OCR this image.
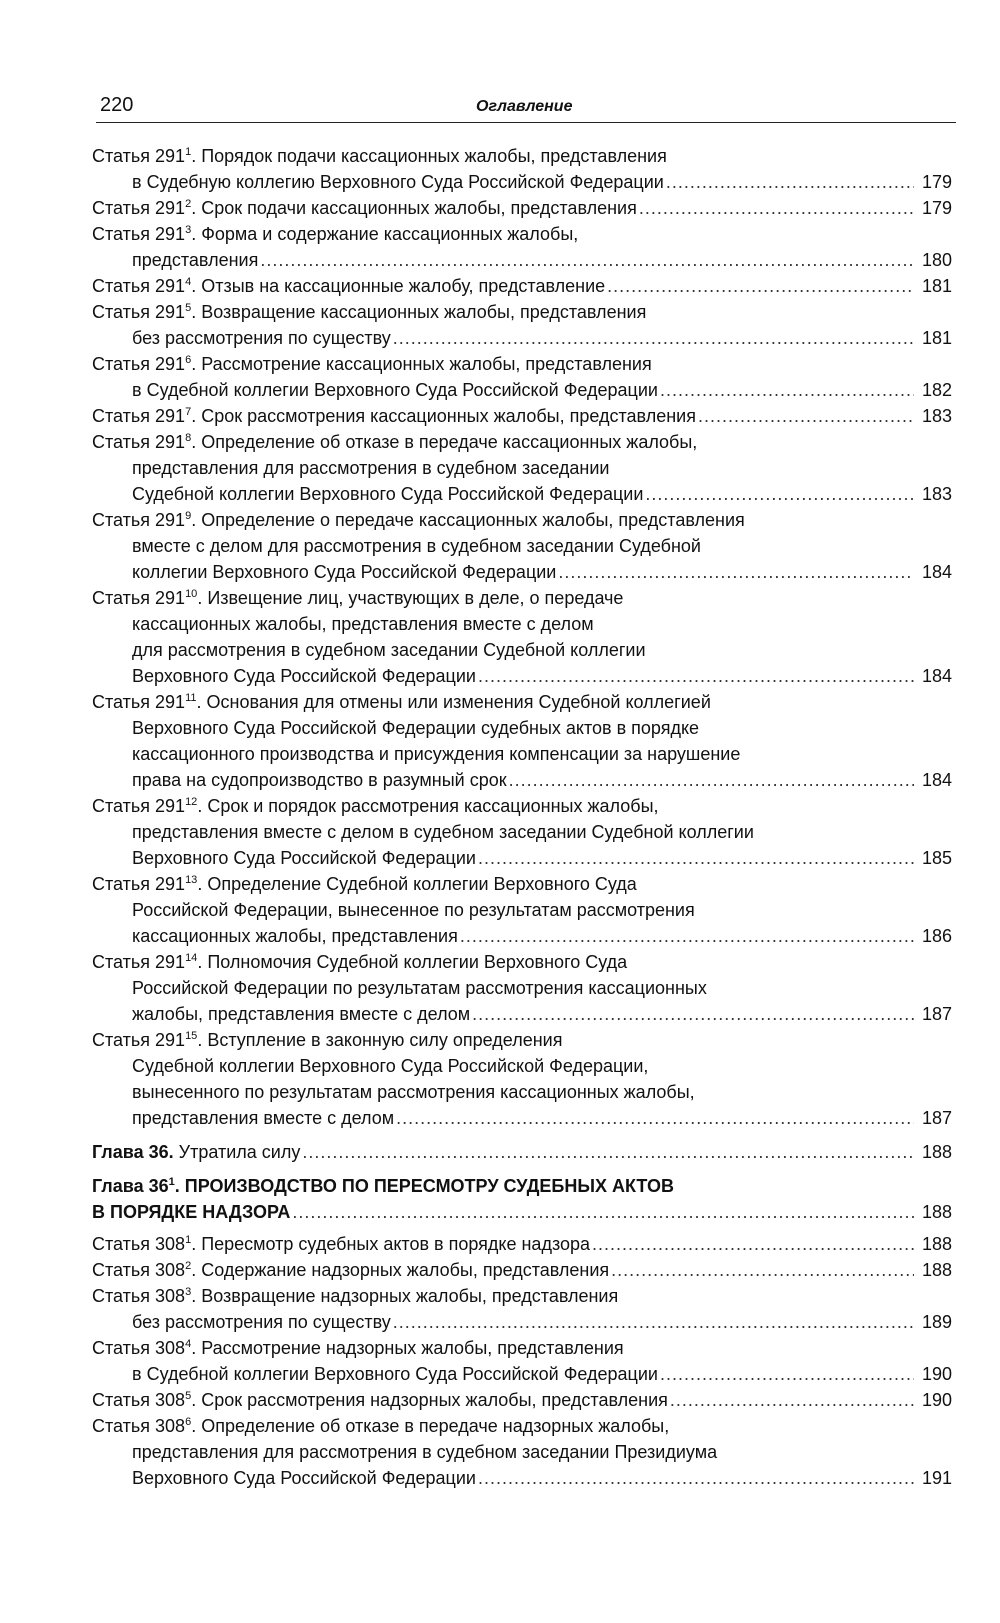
220	Оглавление
Статья $291^1$. Порядок подачи кассационных жалобы, представления
в Судебную коллегию Верховного Суда Российской Федерации .....	179
Статья $291^2$. Срок подачи кассационных жалобы, представления .....	179
Статья $291^3$. Форма и содержание кассационных жалобы,
представления .....	180
Статья $291^4$. Отзыв на кассационные жалобу, представление .....	181
Статья $291^5$. Возвращение кассационных жалобы, представления
без рассмотрения по существу .....	181
Статья $291^6$. Рассмотрение кассационных жалобы, представления
в Судебной коллегии Верховного Суда Российской Федерации .....	182
Статья $291^7$. Срок рассмотрения кассационных жалобы, представления .....	183
Статья $291^8$. Определение об отказе в передаче кассационных жалобы,
представления для рассмотрения в судебном заседании
Судебной коллегии Верховного Суда Российской Федерации .....	183
Статья $291^9$. Определение о передаче кассационных жалобы, представления
вместе с делом для рассмотрения в судебном заседании Судебной
коллегии Верховного Суда Российской Федерации .....	184
Статья $291^{10}$. Извещение лиц, участвующих в деле, о передаче
кассационных жалобы, представления вместе с делом
для рассмотрения в судебном заседании Судебной коллегии
Верховного Суда Российской Федерации .....	184
Статья $291^{11}$. Основания для отмены или изменения Судебной коллегией
Верховного Суда Российской Федерации судебных актов в порядке
кассационного производства и присуждения компенсации за нарушение
права на судопроизводство в разумный срок .....	184
Статья $291^{12}$. Срок и порядок рассмотрения кассационных жалобы,
представления вместе с делом в судебном заседании Судебной коллегии
Верховного Суда Российской Федерации .....	185
Статья $291^{13}$. Определение Судебной коллегии Верховного Суда
Российской Федерации, вынесенное по результатам рассмотрения
кассационных жалобы, представления .....	186
Статья $291^{14}$. Полномочия Судебной коллегии Верховного Суда
Российской Федерации по результатам рассмотрения кассационных
жалобы, представления вместе с делом .....	187
Статья $291^{15}$. Вступление в законную силу определения
Судебной коллегии Верховного Суда Российской Федерации,
вынесенного по результатам рассмотрения кассационных жалобы,
представления вместе с делом .....	187
Глава 36. Утратила силу .....	188
Глава $36^1$. ПРОИЗВОДСТВО ПО ПЕРЕСМОТРУ СУДЕБНЫХ АКТОВ
В ПОРЯДКЕ НАДЗОРА .....	188
Статья $308^1$. Пересмотр судебных актов в порядке надзора .....	188
Статья $308^2$. Содержание надзорных жалобы, представления .....	188
Статья $308^3$. Возвращение надзорных жалобы, представления
без рассмотрения по существу .....	189
Статья $308^4$. Рассмотрение надзорных жалобы, представления
в Судебной коллегии Верховного Суда Российской Федерации .....	190
Статья $308^5$. Срок рассмотрения надзорных жалобы, представления .....	190
Статья $308^6$. Определение об отказе в передаче надзорных жалобы,
представления для рассмотрения в судебном заседании Президиума
Верховного Суда Российской Федерации .....	191
